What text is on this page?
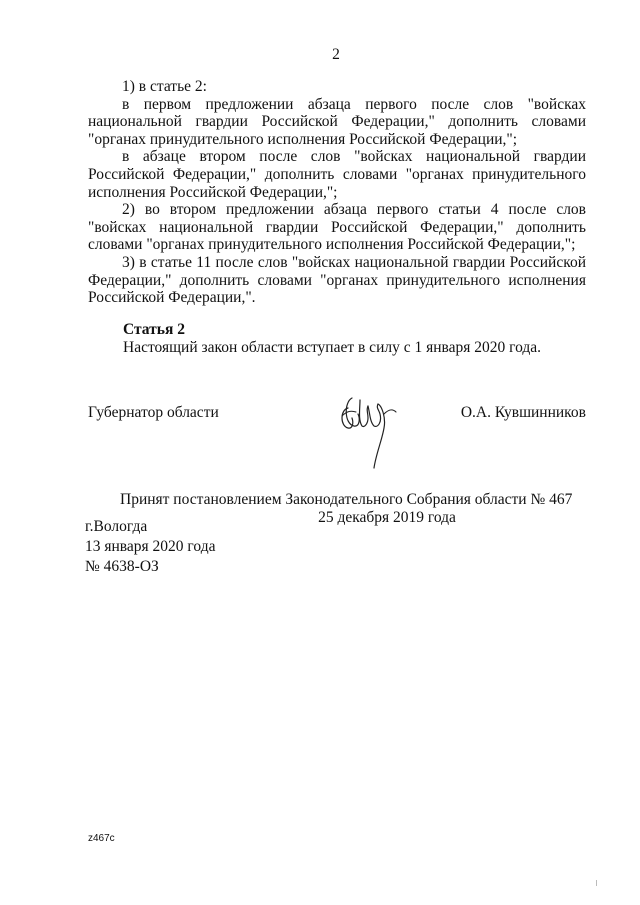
2

1) в статье 2:

в первом предложении абзаца первого после слов "войсках национальной гвардии Российской Федерации," дополнить словами "органах принудительного исполнения Российской Федерации,";

в абзаце втором после слов "войсках национальной гвардии Российской Федерации," дополнить словами "органах принудительного исполнения Российской Федерации,";

2) во втором предложении абзаца первого статьи 4 после слов "войсках национальной гвардии Российской Федерации," дополнить словами "органах принудительного исполнения Российской Федерации,";

3) в статье 11 после слов "войсках национальной гвардии Российской Федерации," дополнить словами "органах принудительного исполнения Российской Федерации,".

Статья 2
Настоящий закон области вступает в силу с 1 января 2020 года.
Губернатор области	О.А. Кувшинников
Принят постановлением Законодательного Собрания области № 467
25 декабря 2019 года
г.Вологда
13 января 2020 года
№ 4638-ОЗ
z467c
